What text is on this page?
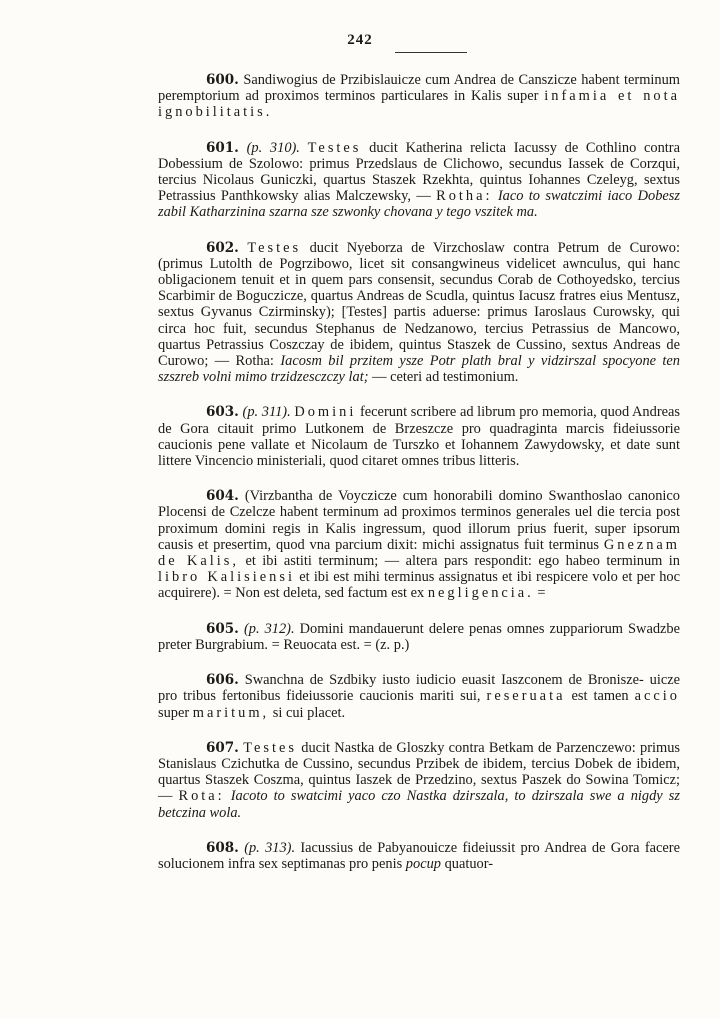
242

600. Sandiwogius de Przibislauicze cum Andrea de Canszicze habent terminum peremptorium ad proximos terminos particulares in Kalis super infamia et nota ignobilitatis.

601. (p. 310). Testes ducit Katherina relicta Iacussy de Cothlino contra Dobessium de Szolowo: primus Przedslaus de Clichowo, secundus Iassek de Corzqui, tercius Nicolaus Guniczki, quartus Staszek Rzekhta, quintus Iohannes Czeleyg, sextus Petrassius Panthkowsky alias Malczewsky, — Rotha: Iaco to swatczimi iaco Dobesz zabil Katharzinina szarna sze szwonky chovana y tego vszitek ma.

602. Testes ducit Nyeborza de Virzchoslaw contra Petrum de Curowo: (primus Lutolth de Pogrzibowo, licet sit consangwineus videlicet awnculus, qui hanc obligacionem tenuit et in quem pars consensit, secundus Corab de Cothoyedsko, tercius Scarbimir de Boguczicze, quartus Andreas de Scudla, quintus Iacusz fratres eius Mentusz, sextus Gyvanus Czirminsky); [Testes] partis aduerse: primus Iaroslaus Curowsky, qui circa hoc fuit, secundus Stephanus de Nedzanowo, tercius Petrassius de Mancowo, quartus Petrassius Coszczay de ibidem, quintus Staszek de Cussino, sextus Andreas de Curowo; — Rotha: Iacosm bil przitem ysze Potr plath bral y vidzirszal spocyone ten szszreb volni mimo trzidzesczczy lat; — ceteri ad testimonium.

603. (p. 311). Domini fecerunt scribere ad librum pro memoria, quod Andreas de Gora citauit primo Lutkonem de Brzeszcze pro quadraginta marcis fideiussorie caucionis pene vallate et Nicolaum de Turszko et Iohannem Zawydowsky, et date sunt littere Vincencio ministeriali, quod citaret omnes tribus litteris.

604. (Virzbantha de Voyczicze cum honorabili domino Swanthoslao canonico Plocensi de Czelcze habent terminum ad proximos terminos generales uel die tercia post proximum domini regis in Kalis ingressum, quod illorum prius fuerit, super ipsorum causis et presertim, quod vna parcium dixit: michi assignatus fuit terminus Gneznam de Kalis, et ibi astiti terminum; — altera pars respondit: ego habeo terminum in libro Kalisiensi et ibi est mihi terminus assignatus et ibi respicere volo et per hoc acquirere). = Non est deleta, sed factum est ex negligencia. =

605. (p. 312). Domini mandauerunt delere penas omnes zuppariorum Swadzbe preter Burgrabium. = Reuocata est. = (z. p.)

606. Swanchna de Szdbiky iusto iudicio euasit Iaszconem de Bronisze- uicze pro tribus fertonibus fideiussorie caucionis mariti sui, reseruata est tamen accio super maritum, si cui placet.

607. Testes ducit Nastka de Gloszky contra Betkam de Parzenczewo: primus Stanislaus Czichutka de Cussino, secundus Przibek de ibidem, tercius Dobek de ibidem, quartus Staszek Coszma, quintus Iaszek de Przedzino, sextus Paszek do Sowina Tomicz; — Rota: Iacoto to swatcimi yaco czo Nastka dzirszala, to dzirszala swe a nigdy sz betczina wola.

608. (p. 313). Iacussius de Pabyanouicze fideiussit pro Andrea de Gora facere solucionem infra sex septimanas pro penis pocup quatuor-
